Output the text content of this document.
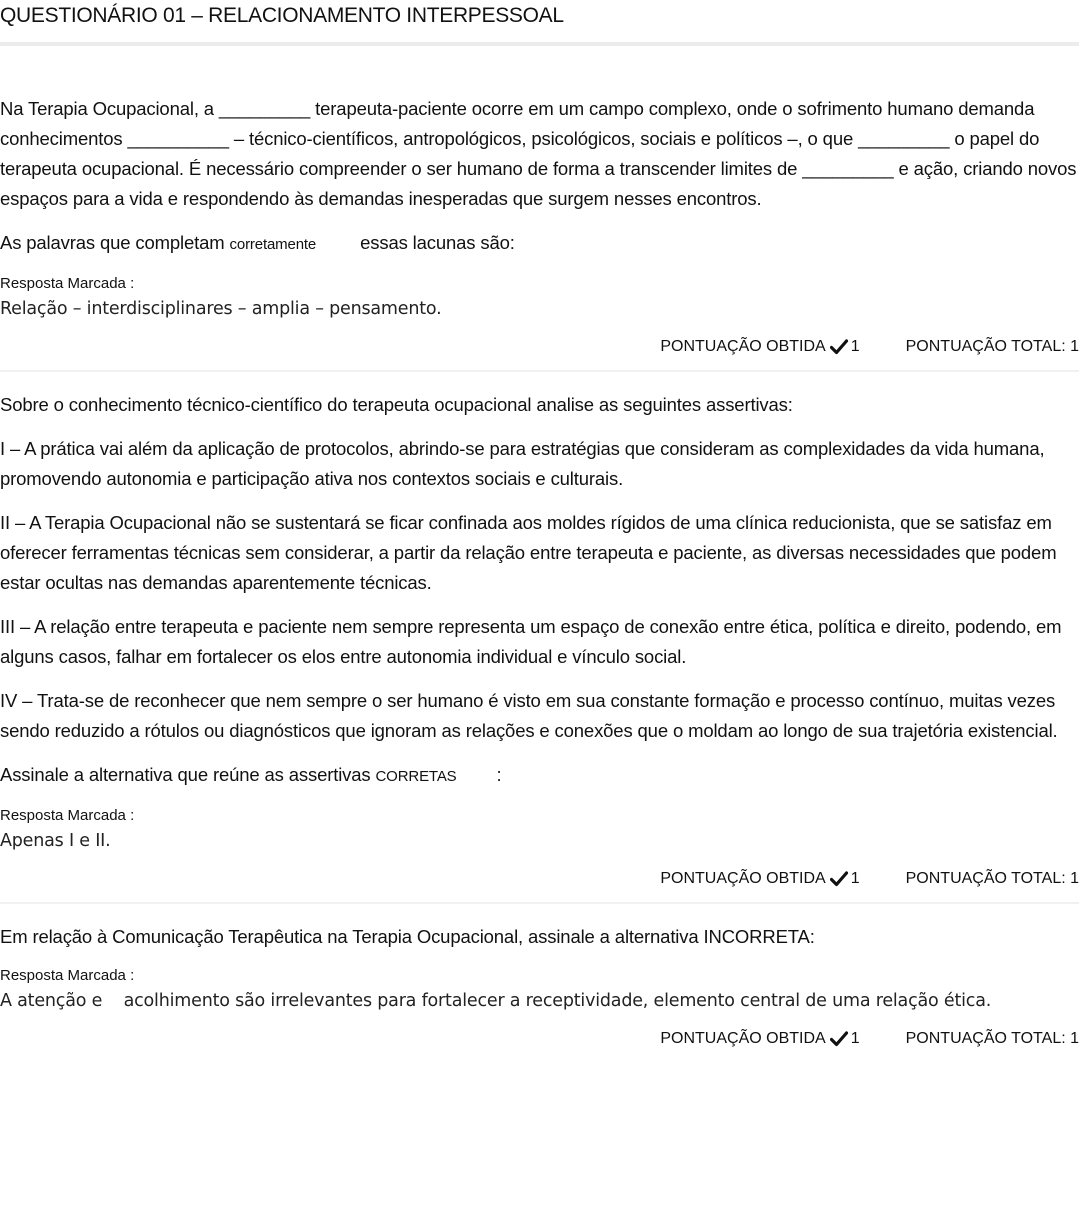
QUESTIONÁRIO 01 – RELACIONAMENTO INTERPESSOAL

Na Terapia Ocupacional, a _________ terapeuta-paciente ocorre em um campo complexo, onde o sofrimento humano demanda conhecimentos __________ – técnico-científicos, antropológicos, psicológicos, sociais e políticos –, o que _________ o papel do terapeuta ocupacional. É necessário compreender o ser humano de forma a transcender limites de _________ e ação, criando novos espaços para a vida e respondendo às demandas inesperadas que surgem nesses encontros.

As palavras que completam corretamente essas lacunas são:

Resposta Marcada :

Relação – interdisciplinares – amplia – pensamento.

PONTUAÇÃO OBTIDA 1	PONTUAÇÃO TOTAL: 1

Sobre o conhecimento técnico-científico do terapeuta ocupacional analise as seguintes assertivas:

I – A prática vai além da aplicação de protocolos, abrindo-se para estratégias que consideram as complexidades da vida humana, promovendo autonomia e participação ativa nos contextos sociais e culturais.

II – A Terapia Ocupacional não se sustentará se ficar confinada aos moldes rígidos de uma clínica reducionista, que se satisfaz em oferecer ferramentas técnicas sem considerar, a partir da relação entre terapeuta e paciente, as diversas necessidades que podem estar ocultas nas demandas aparentemente técnicas.

III – A relação entre terapeuta e paciente nem sempre representa um espaço de conexão entre ética, política e direito, podendo, em alguns casos, falhar em fortalecer os elos entre autonomia individual e vínculo social.

IV – Trata-se de reconhecer que nem sempre o ser humano é visto em sua constante formação e processo contínuo, muitas vezes sendo reduzido a rótulos ou diagnósticos que ignoram as relações e conexões que o moldam ao longo de sua trajetória existencial.

Assinale a alternativa que reúne as assertivas CORRETAS :

Resposta Marcada :

Apenas I e II.

PONTUAÇÃO OBTIDA 1	PONTUAÇÃO TOTAL: 1

Em relação à Comunicação Terapêutica na Terapia Ocupacional, assinale a alternativa INCORRETA:

Resposta Marcada :

A atenção e    acolhimento são irrelevantes para fortalecer a receptividade, elemento central de uma relação ética.

PONTUAÇÃO OBTIDA 1	PONTUAÇÃO TOTAL: 1
